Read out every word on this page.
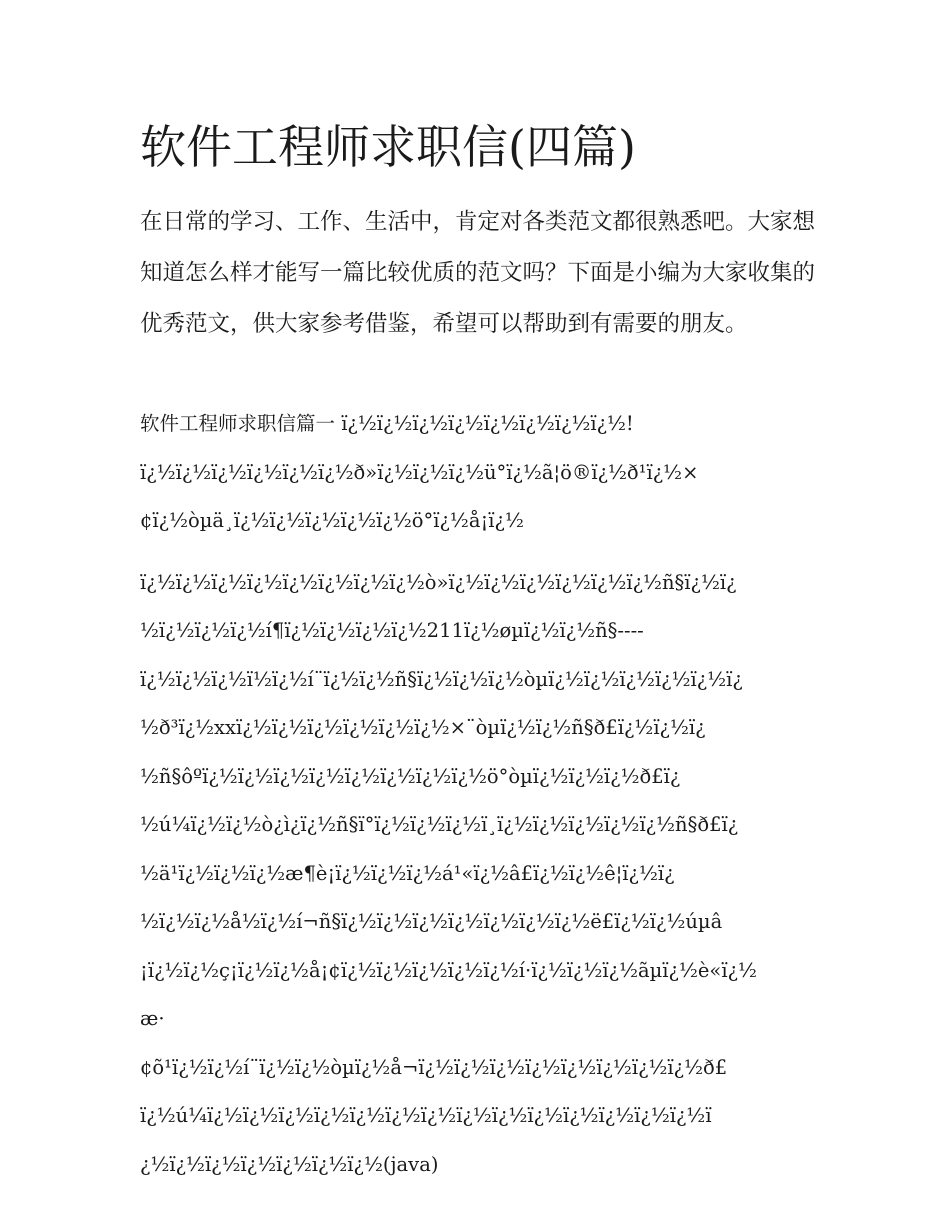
软件工程师求职信(四篇)

在日常的学习、工作、生活中，肯定对各类范文都很熟悉吧。大家想知道怎么样才能写一篇比较优质的范文吗？下面是小编为大家收集的优秀范文，供大家参考借鉴，希望可以帮助到有需要的朋友。

软件工程师求职信篇一 ï¿½ï¿½ï¿½ï¿½ï¿½ï¿½ï¿½ï¿½!
ï¿½ï¿½ï¿½ï¿½ï¿½ï¿½ð»ï¿½ï¿½ï¿½ü°ï¿½ã¦ö®ï¿½ð¹ï¿½×
¢ï¿½òµä¸ï¿½ï¿½ï¿½ï¿½ï¿½ö°ï¿½å¡ï¿½
ï¿½ï¿½ï¿½ï¿½ï¿½ï¿½ï¿½ï¿½ò»ï¿½ï¿½ï¿½ï¿½ï¿½ï¿½ñ§ï¿½ï¿
½ï¿½ï¿½ï¿½í¶ï¿½ï¿½ï¿½ï¿½211ï¿½øµï¿½ï¿½ñ§----
ï¿½ï¿½ï¿½ï½ï¿½í¨ï¿½ï¿½ñ§ï¿½ï¿½ï¿½òµï¿½ï¿½ï¿½ï¿½ï¿½ï¿
½ð³ï¿½xxï¿½ï¿½ï¿½ï¿½ï¿½ï¿½×¨òµï¿½ï¿½ñ§ð£ï¿½ï¿½ï¿
½ñ§ôºï¿½ï¿½ï¿½ï¿½ï¿½ï¿½ï¿½ï¿½ö°òµï¿½ï¿½ï¿½ð£ï¿
½ú¼ï¿½ï¿½ò¿ì¿ï¿½ñ§ï°ï¿½ï¿½ï¿½ï¸ï¿½ï¿½ï¿½ï¿½ï¿½ñ§ð£ï¿
½ä¹ï¿½ï¿½ï¿½æ¶è¡ï¿½ï¿½ï¿½á¹«ï¿½â£ï¿½ï¿½ê¦ï¿½ï¿
½ï¿½ï¿½å½ï¿½í¬ñ§ï¿½ï¿½ï¿½ï¿½ï¿½ï¿½ï¿½ë£ï¿½ï¿½úµâ
¡ï¿½ï¿½ç¡ï¿½ï¿½å¡¢ï¿½ï¿½ï¿½ï¿½ï¿½í·ï¿½ï¿½ï¿½ãµï¿½è«ï¿½
æ·
¢õ¹ï¿½ï¿½í¨ï¿½ï¿½òµï¿½å¬ï¿½ï¿½ï¿½ï¿½ï¿½ï¿½ï¿½ï¿½ð£
ï¿½ú¼ï¿½ï¿½ï¿½ï¿½ï¿½ï¿½ï¿½ï¿½ï¿½ï¿½ï¿½ï¿½ï¿½ï¿½ï
¿½ï¿½ï¿½ï¿½ï¿½ï¿½ï¿½(java)
